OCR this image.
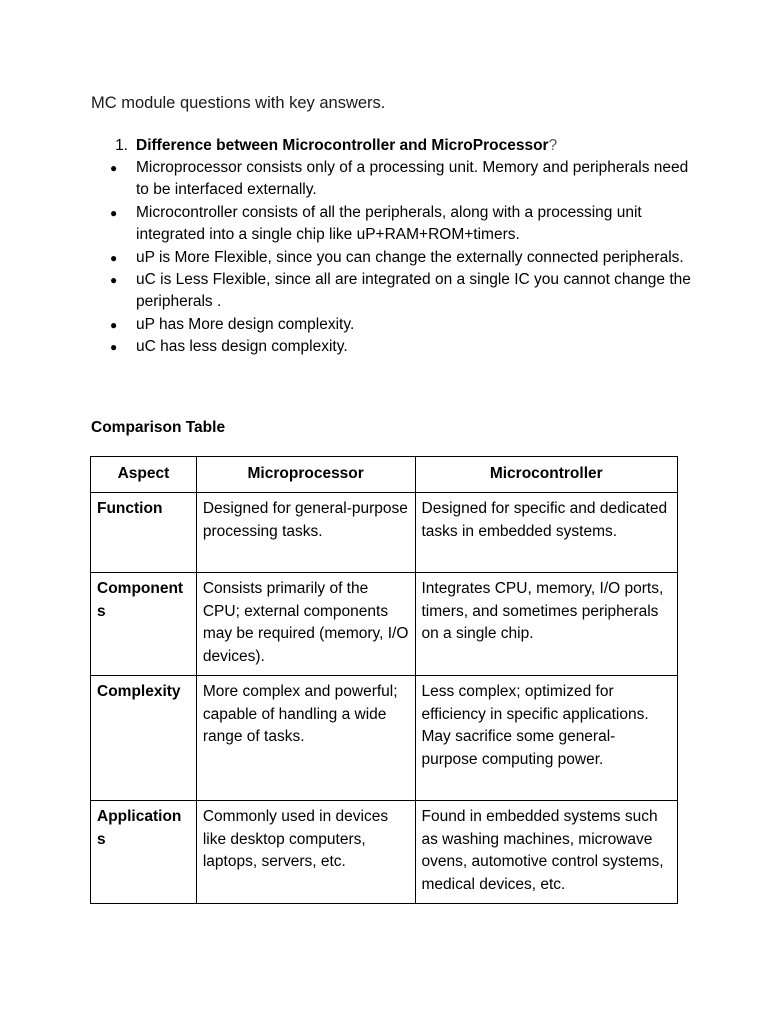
MC module questions with key answers.

1. Difference between Microcontroller and MicroProcessor?

● Microprocessor consists only of a processing unit. Memory and peripherals need to be interfaced externally.
● Microcontroller consists of all the peripherals, along with a processing unit integrated into a single chip like uP+RAM+ROM+timers.
● uP is More Flexible, since you can change the externally connected peripherals.
● uC is Less Flexible, since all are integrated on a single IC you cannot change the peripherals .
● uP has More design complexity.
● uC has less design complexity.

Comparison Table

Aspect	Microprocessor	Microcontroller
Function	Designed for general-purpose processing tasks.	Designed for specific and dedicated tasks in embedded systems.
Components	Consists primarily of the CPU; external components may be required (memory, I/O devices).	Integrates CPU, memory, I/O ports, timers, and sometimes peripherals on a single chip.
Complexity	More complex and powerful; capable of handling a wide range of tasks.	Less complex; optimized for efficiency in specific applications. May sacrifice some general-purpose computing power.
Applications	Commonly used in devices like desktop computers, laptops, servers, etc.	Found in embedded systems such as washing machines, microwave ovens, automotive control systems, medical devices, etc.
